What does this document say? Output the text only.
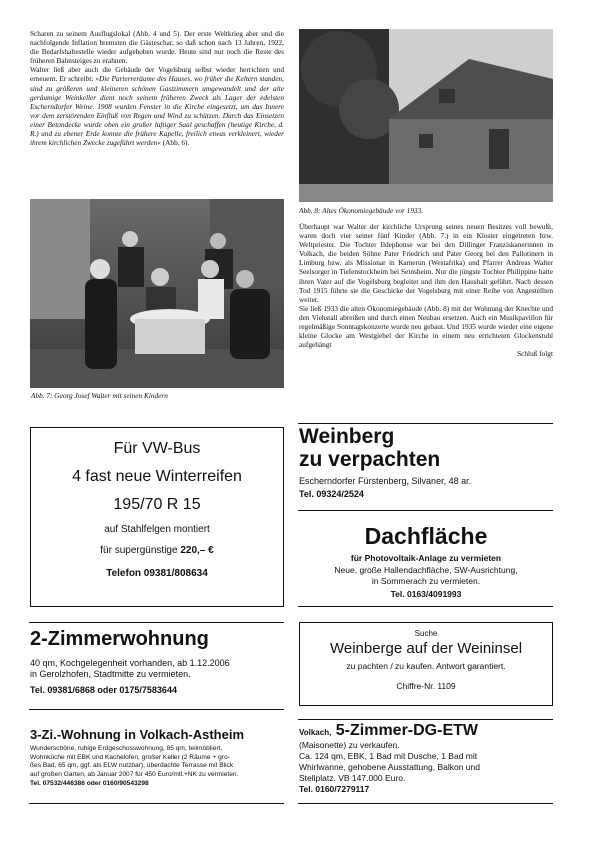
Scharen zu seinem Ausflugslokal (Abb. 4 und 5). Der erste Weltkrieg aber und die nachfolgende Inflation bremsten die Gästeschar, so daß schon nach 13 Jahren, 1922, die Bedarfshaltestelle wieder aufgehoben wurde. Heute sind nur noch die Reste des früheren Bahnsteiges zu erahnen.

Walter ließ aber auch die Gebäude der Vogelsburg selbst wieder herrichten und erneuern. Er schreibt: »Die Parterreräume des Hauses, wo früher die Keltern standen, sind zu größeren und kleineren schönen Gastzimmern umgewandelt und der alte geräumige Weinkeller dient noch seinem früheren Zweck als Lager der edelsten Escherndorfer Weine. 1908 wurden Fenster in die Kirche eingesetzt, um das Innere vor dem zerstörenden Einfluß von Regen und Wind zu schützen. Durch das Einsetzen einer Betondecke wurde oben ein großer luftiger Saal geschaffen (heutige Kirche, d. R.) und zu ebener Erde konnte die frühere Kapelle, freilich etwas verkleinert, wieder ihrem kirchlichen Zwecke zugeführt werden« (Abb. 6).

Abb. 7: Georg Josef Walter mit seinen Kindern
Abb. 8: Altes Ökonomiegebäude vor 1933.

Überhaupt war Walter der kirchliche Ursprung seines neuen Besitzes voll bewußt, waren doch vier seiner fünf Kinder (Abb. 7.) in ein Kloster eingetreten bzw. Weltpriester. Die Tochter Ildephonse war bei den Dillinger Franziskanerinnen in Volkach, die beiden Söhne Pater Friedrich und Pater Georg bei den Pallotinern in Limburg bzw. als Missionar in Kamerun (Westafrika) und Pfarrer Andreas Walter Seelsorger in Tiefenstockheim bei Seinsheim. Nur die jüngste Tochter Philippine hatte ihren Vater auf die Vogelsburg begleitet und ihm den Haushalt geführt. Nach dessen Tod 1915 führte sie die Geschicke der Vogelsburg mit einer Reihe von Angestellten weiter.

Sie ließ 1933 die alten Ökonomiegebäude (Abb. 8) mit der Wohnung der Knechte und den Viehstall abreißen und durch einen Neubau ersetzen. Auch ein Musikpavillon für regelmäßige Sonntagskonzerte wurde neu gebaut. Und 1935 wurde wieder eine eigene kleine Glocke am Westgiebel der Kirche in einem neu errichteten Glockenstuhl aufgehängt

Schluß folgt

Für VW-Bus
4 fast neue Winterreifen
195/70 R 15
auf Stahlfelgen montiert
für supergünstige 220,– €
Telefon 09381/808634
Weinberg
zu verpachten
Escherndorfer Fürstenberg, Silvaner, 48 ar.
Tel. 09324/2524
Dachfläche
für Photovoltaik-Anlage zu vermieten
Neue, große Hallendachfläche, SW-Ausrichtung,
in Sommerach zu vermieten.
Tel. 0163/4091993
2-Zimmerwohnung
40 qm, Kochgelegenheit vorhanden, ab 1.12.2006
in Gerolzhofen, Stadtmitte zu vermieten.
Tel. 09381/6868 oder 0175/7583644
Suche
Weinberge auf der Weininsel
zu pachten / zu kaufen. Antwort garantiert.
Chiffre-Nr. 1109
3-Zi.-Wohnung in Volkach-Astheim
Wunderschöne, ruhige Erdgeschosswohnung, 85 qm, teilmöbliert,
Wohnküche mit EBK und Kachelofen, großer Keller (2 Räume + gro-
ßes Bad, 65 qm, ggf. als ELW nutzbar), überdachte Terrasse mit Blick
auf großen Garten, ab Januar 2007 für 450 Euro/mtl.+NK zu vermieten.
Tel. 07532/446386 oder 0160/90543298
Volkach, 5-Zimmer-DG-ETW
(Maisonette) zu verkaufen.
Ca. 124 qm, EBK, 1 Bad mit Dusche, 1 Bad mit
Whirlwanne, gehobene Ausstattung, Balkon und
Stellplatz. VB 147.000 Euro.
Tel. 0160/7279117
